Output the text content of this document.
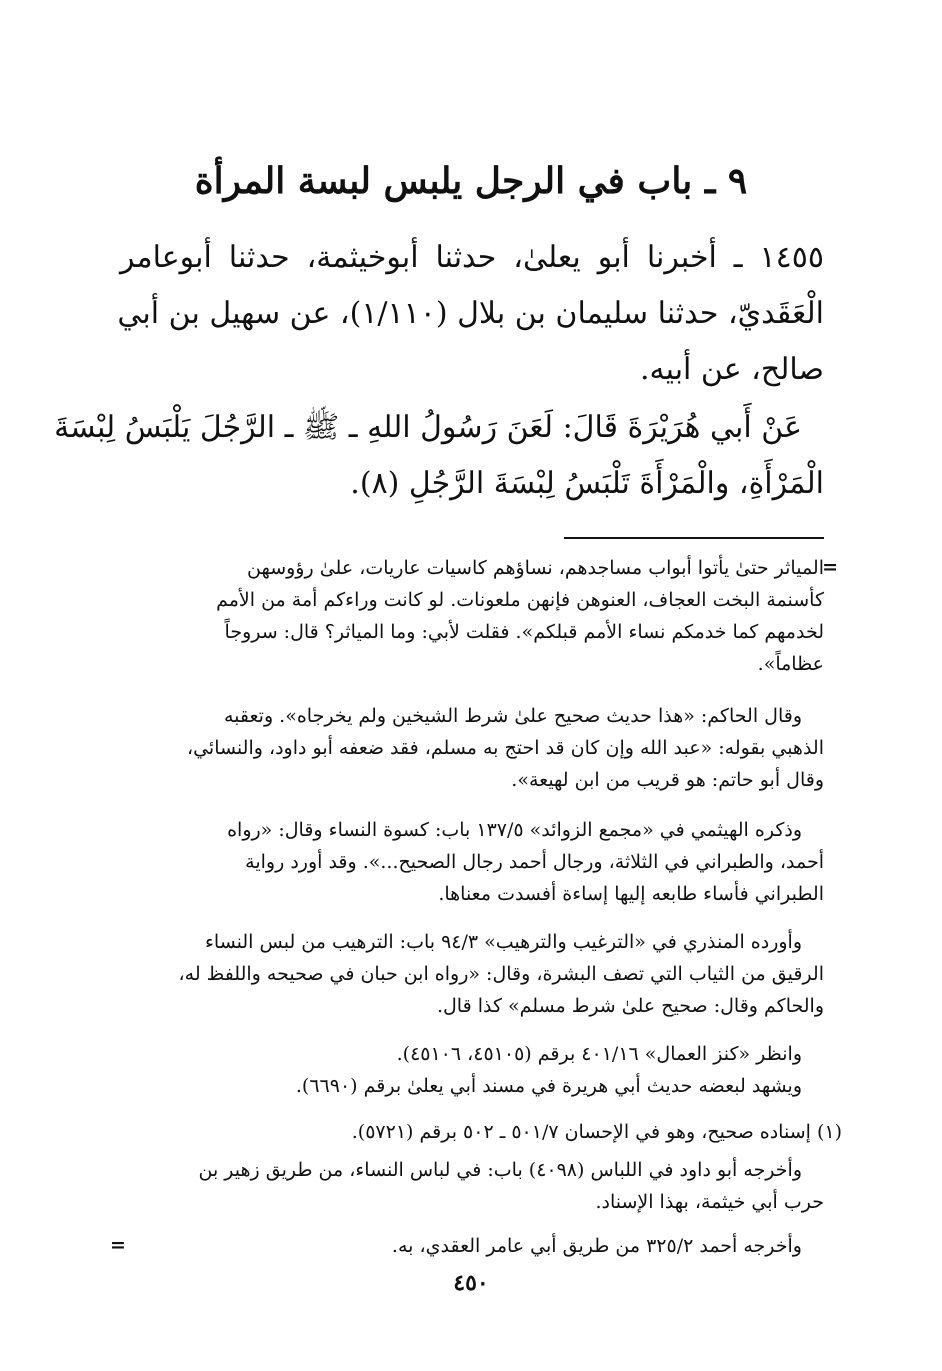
٩ ـ باب في الرجل يلبس لبسة المرأة
١٤٥٥ ـ أخبرنا أبو يعلىٰ، حدثنا أبوخيثمة، حدثنا أبوعامر
الْعَقَديّ، حدثنا سليمان بن بلال (١/١١٠)، عن سهيل بن أبي
صالح، عن أبيه.
عَنْ أَبي هُرَيْرَةَ قَالَ: لَعَنَ رَسُولُ اللهِ ـ ﷺ ـ الرَّجُلَ يَلْبَسُ لِبْسَةَ
الْمَرْأَةِ، والْمَرْأَةَ تَلْبَسُ لِبْسَةَ الرَّجُلِ (٨).
=
المياثر حتىٰ يأتوا أبواب مساجدهم، نساؤهم كاسيات عاريات، علىٰ رؤوسهن
كأسنمة البخت العجاف، العنوهن فإنهن ملعونات. لو كانت وراءكم أمة من الأمم
لخدمهم كما خدمكم نساء الأمم قبلكم». فقلت لأبي: وما المياثر؟ قال: سروجاً
عظاماً».
وقال الحاكم: «هذا حديث صحيح علىٰ شرط الشيخين ولم يخرجاه». وتعقبه
الذهبي بقوله: «عبد الله وإن كان قد احتج به مسلم، فقد ضعفه أبو داود، والنسائي،
وقال أبو حاتم: هو قريب من ابن لهيعة».
وذكره الهيثمي في «مجمع الزوائد» ١٣٧/٥ باب: كسوة النساء وقال: «رواه
أحمد، والطبراني في الثلاثة، ورجال أحمد رجال الصحيح...». وقد أورد رواية
الطبراني فأساء طابعه إليها إساءة أفسدت معناها.
وأورده المنذري في «الترغيب والترهيب» ٩٤/٣ باب: الترهيب من لبس النساء
الرقيق من الثياب التي تصف البشرة، وقال: «رواه ابن حبان في صحيحه واللفظ له،
والحاكم وقال: صحيح علىٰ شرط مسلم» كذا قال.
وانظر «كنز العمال» ٤٠١/١٦ برقم (٤٥١٠٥، ٤٥١٠٦).
ويشهد لبعضه حديث أبي هريرة في مسند أبي يعلىٰ برقم (٦٦٩٠).
(١) إسناده صحيح، وهو في الإحسان ٥٠١/٧ ـ ٥٠٢ برقم (٥٧٢١).
وأخرجه أبو داود في اللباس (٤٠٩٨) باب: في لباس النساء، من طريق زهير بن
حرب أبي خيثمة، بهذا الإسناد.
وأخرجه أحمد ٣٢٥/٢ من طريق أبي عامر العقدي، به.
=
٤٥٠
